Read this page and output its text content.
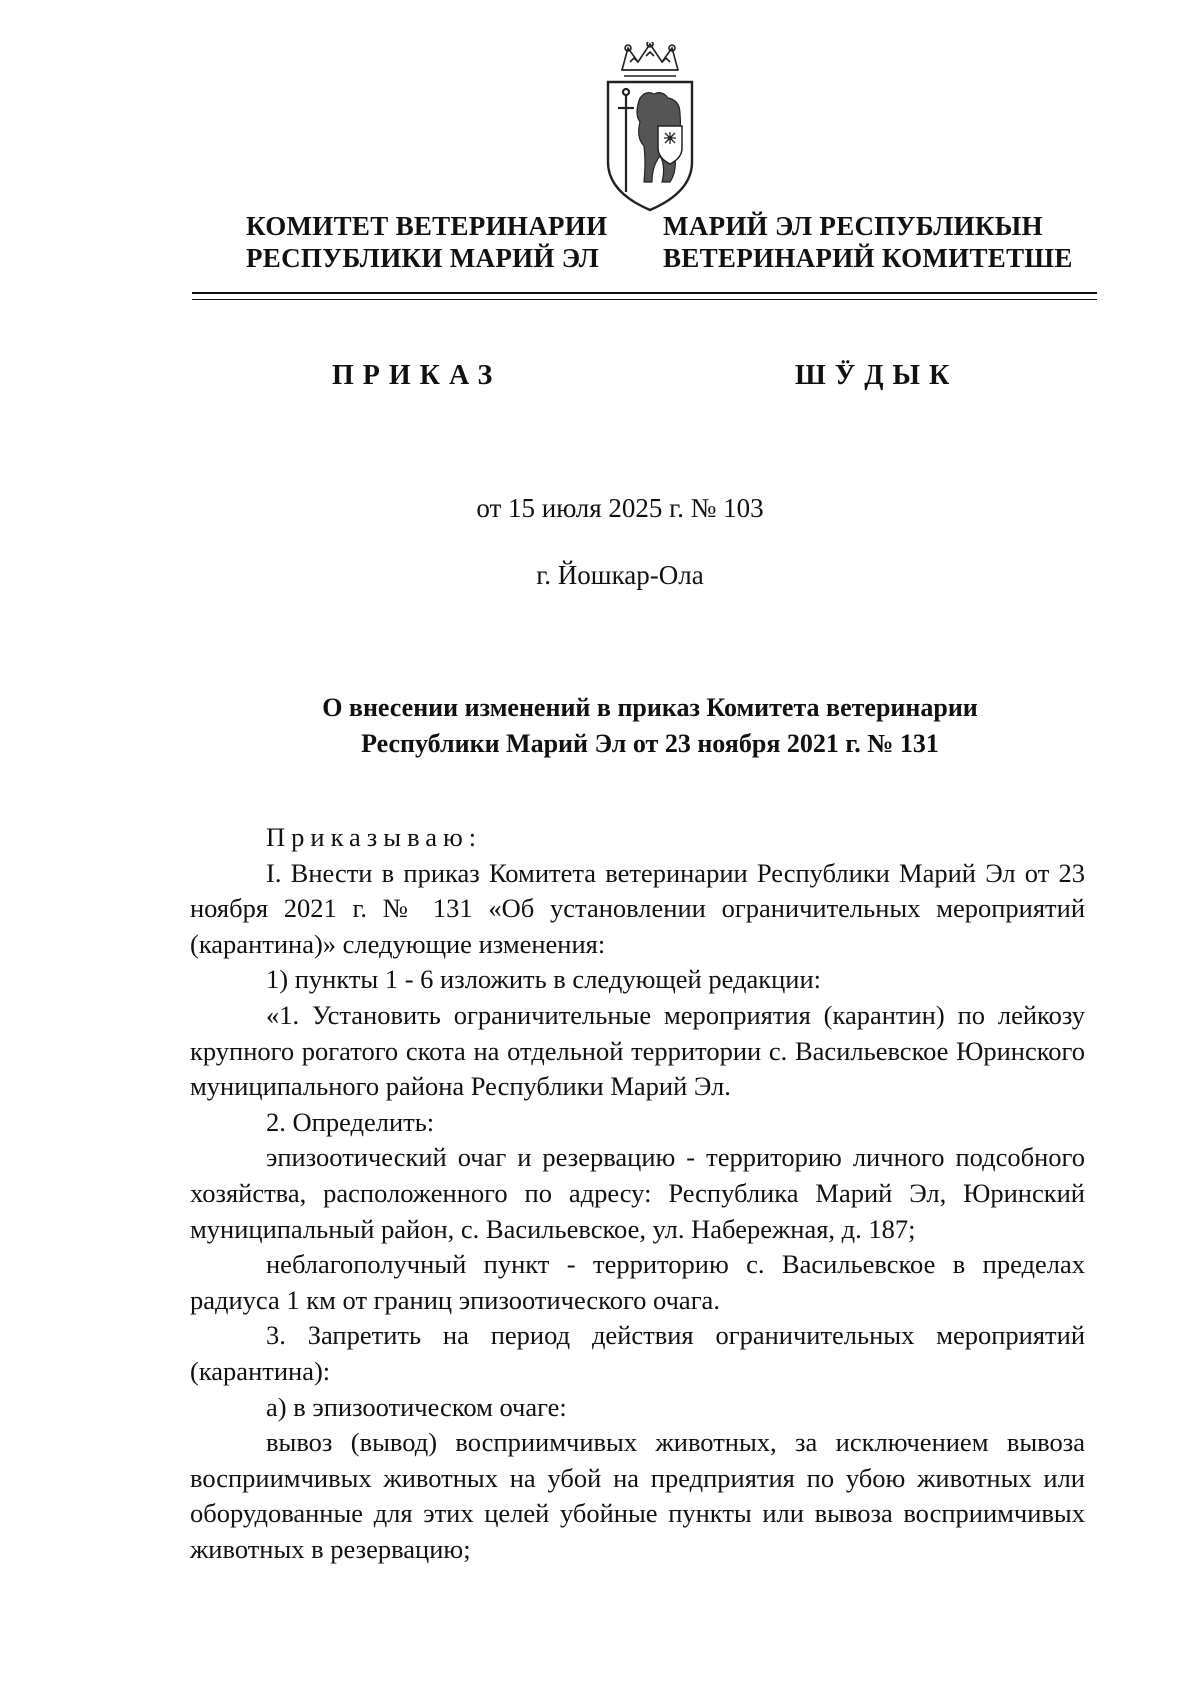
КОМИТЕТ ВЕТЕРИНАРИИ
РЕСПУБЛИКИ МАРИЙ ЭЛ
МАРИЙ ЭЛ РЕСПУБЛИКЫН
ВЕТЕРИНАРИЙ КОМИТЕТШЕ
ПРИКАЗ	ШӰДЫК
от 15 июля 2025 г. № 103
г. Йошкар-Ола
О внесении изменений в приказ Комитета ветеринарии
Республики Марий Эл от 23 ноября 2021 г. № 131

Приказываю:

I. Внести в приказ Комитета ветеринарии Республики Марий Эл от 23 ноября 2021 г. № 131 «Об установлении ограничительных мероприятий (карантина)» следующие изменения:

1) пункты 1 - 6 изложить в следующей редакции:

«1. Установить ограничительные мероприятия (карантин) по лейкозу крупного рогатого скота на отдельной территории с. Васильевское Юринского муниципального района Республики Марий Эл.

2. Определить:

эпизоотический очаг и резервацию - территорию личного подсобного хозяйства, расположенного по адресу: Республика Марий Эл, Юринский муниципальный район, с. Васильевское, ул. Набережная, д. 187;

неблагополучный пункт - территорию с. Васильевское в пределах радиуса 1 км от границ эпизоотического очага.

3. Запретить на период действия ограничительных мероприятий (карантина):

а) в эпизоотическом очаге:

вывоз (вывод) восприимчивых животных, за исключением вывоза восприимчивых животных на убой на предприятия по убою животных или оборудованные для этих целей убойные пункты или вывоза восприимчивых животных в резервацию;
